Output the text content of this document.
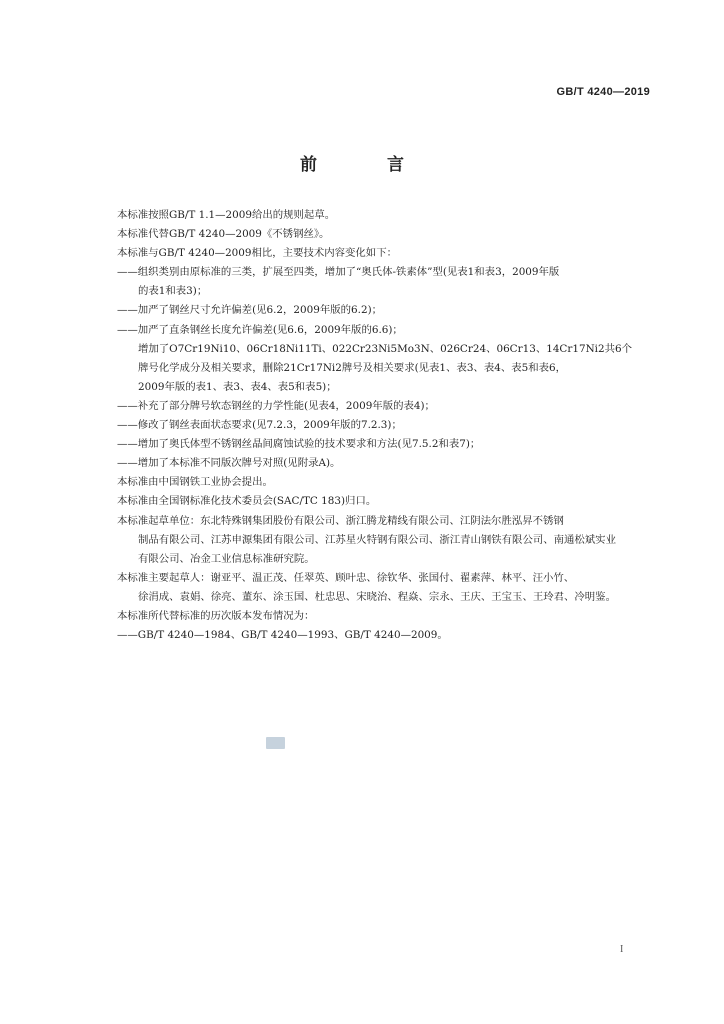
GB/T 4240—2019
前 言

本标准按照GB/T 1.1—2009给出的规则起草。

本标准代替GB/T 4240—2009《不锈钢丝》。

本标准与GB/T 4240—2009相比，主要技术内容变化如下：

——组织类别由原标准的三类，扩展至四类，增加了“奥氏体-铁素体”型(见表1和表3，2009年版

的表1和表3)；

——加严了钢丝尺寸允许偏差(见6.2，2009年版的6.2)；

——加严了直条钢丝长度允许偏差(见6.6，2009年版的6.6)；

增加了O7Cr19Ni10、06Cr18Ni11Ti、022Cr23Ni5Mo3N、026Cr24、06Cr13、14Cr17Ni2共6个

牌号化学成分及相关要求，删除21Cr17Ni2牌号及相关要求(见表1、表3、表4、表5和表6，

2009年版的表1、表3、表4、表5和表5)；

——补充了部分牌号软态钢丝的力学性能(见表4，2009年版的表4)；

——修改了钢丝表面状态要求(见7.2.3，2009年版的7.2.3)；

——增加了奥氏体型不锈钢丝晶间腐蚀试验的技术要求和方法(见7.5.2和表7)；

——增加了本标准不同版次牌号对照(见附录A)。

本标准由中国钢铁工业协会提出。

本标准由全国钢标准化技术委员会(SAC/TC 183)归口。

本标准起草单位：东北特殊钢集团股份有限公司、浙江腾龙精线有限公司、江阴法尔胜泓昇不锈钢

制品有限公司、江苏申源集团有限公司、江苏星火特钢有限公司、浙江青山钢铁有限公司、南通松斌实业

有限公司、冶金工业信息标准研究院。

本标准主要起草人：谢亚平、温正茂、任翠英、顾叶忠、徐钦华、张国付、翟素萍、林平、汪小竹、

徐涓成、袁娟、徐亮、董东、涂玉国、杜忠思、宋晓治、程焱、宗永、王庆、王宝玉、王玲君、冷明鉴。

本标准所代替标准的历次版本发布情况为：

——GB/T 4240—1984、GB/T 4240—1993、GB/T 4240—2009。

I
